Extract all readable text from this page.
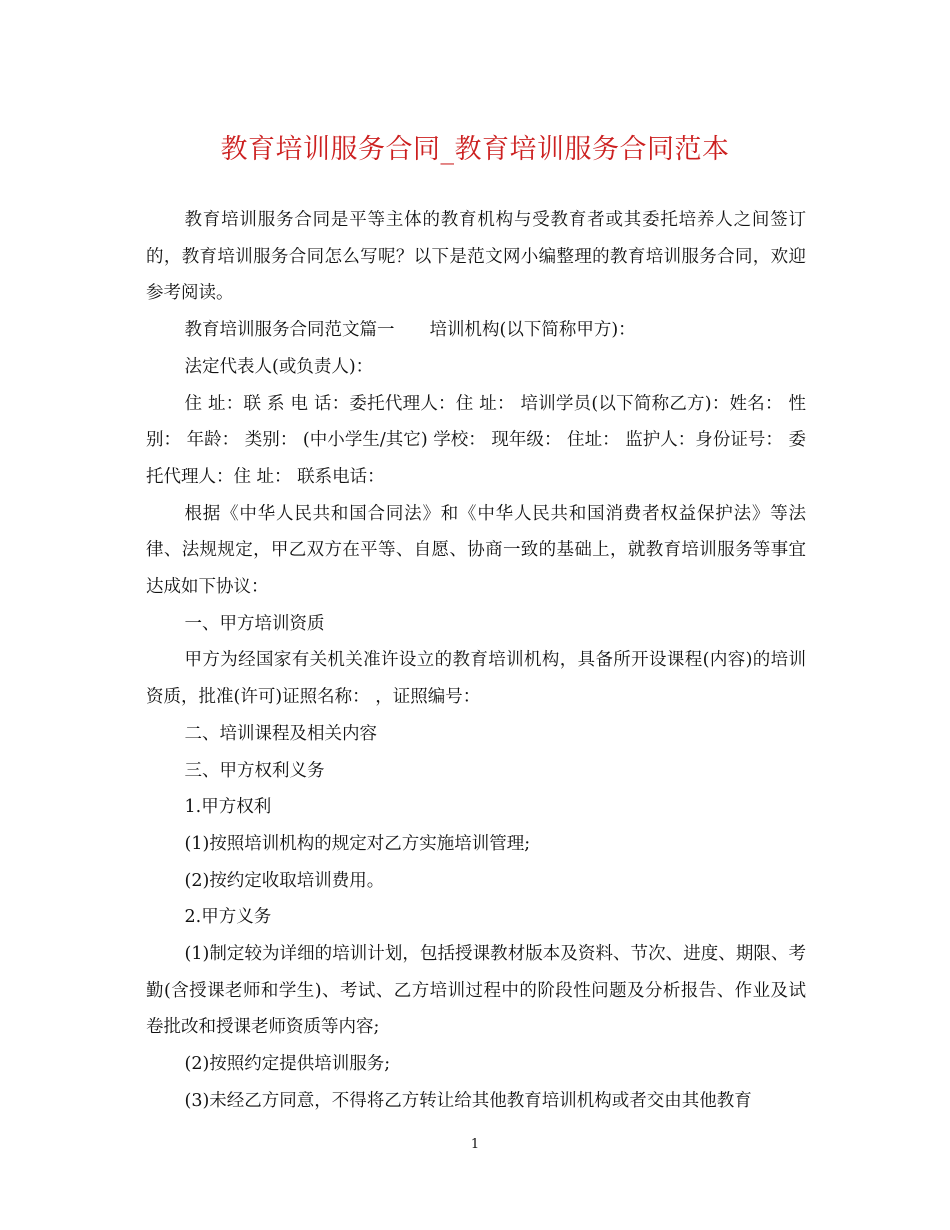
教育培训服务合同_教育培训服务合同范本

教育培训服务合同是平等主体的教育机构与受教育者或其委托培养人之间签订的，教育培训服务合同怎么写呢？以下是范文网小编整理的教育培训服务合同，欢迎参考阅读。

教育培训服务合同范文篇一　　培训机构(以下简称甲方)：

法定代表人(或负责人)：

住 址：联 系 电 话：委托代理人：住 址： 培训学员(以下简称乙方)：姓名： 性 别： 年龄： 类别： (中小学生/其它) 学校： 现年级： 住址： 监护人：身份证号： 委托代理人：住 址： 联系电话：

根据《中华人民共和国合同法》和《中华人民共和国消费者权益保护法》等法律、法规规定，甲乙双方在平等、自愿、协商一致的基础上，就教育培训服务等事宜达成如下协议：

一、甲方培训资质

甲方为经国家有关机关准许设立的教育培训机构，具备所开设课程(内容)的培训资质，批准(许可)证照名称： ，证照编号：

二、培训课程及相关内容

三、甲方权利义务

1.甲方权利

(1)按照培训机构的规定对乙方实施培训管理;

(2)按约定收取培训费用。

2.甲方义务

(1)制定较为详细的培训计划，包括授课教材版本及资料、节次、进度、期限、考勤(含授课老师和学生)、考试、乙方培训过程中的阶段性问题及分析报告、作业及试卷批改和授课老师资质等内容;

(2)按照约定提供培训服务;

(3)未经乙方同意，不得将乙方转让给其他教育培训机构或者交由其他教育

1
